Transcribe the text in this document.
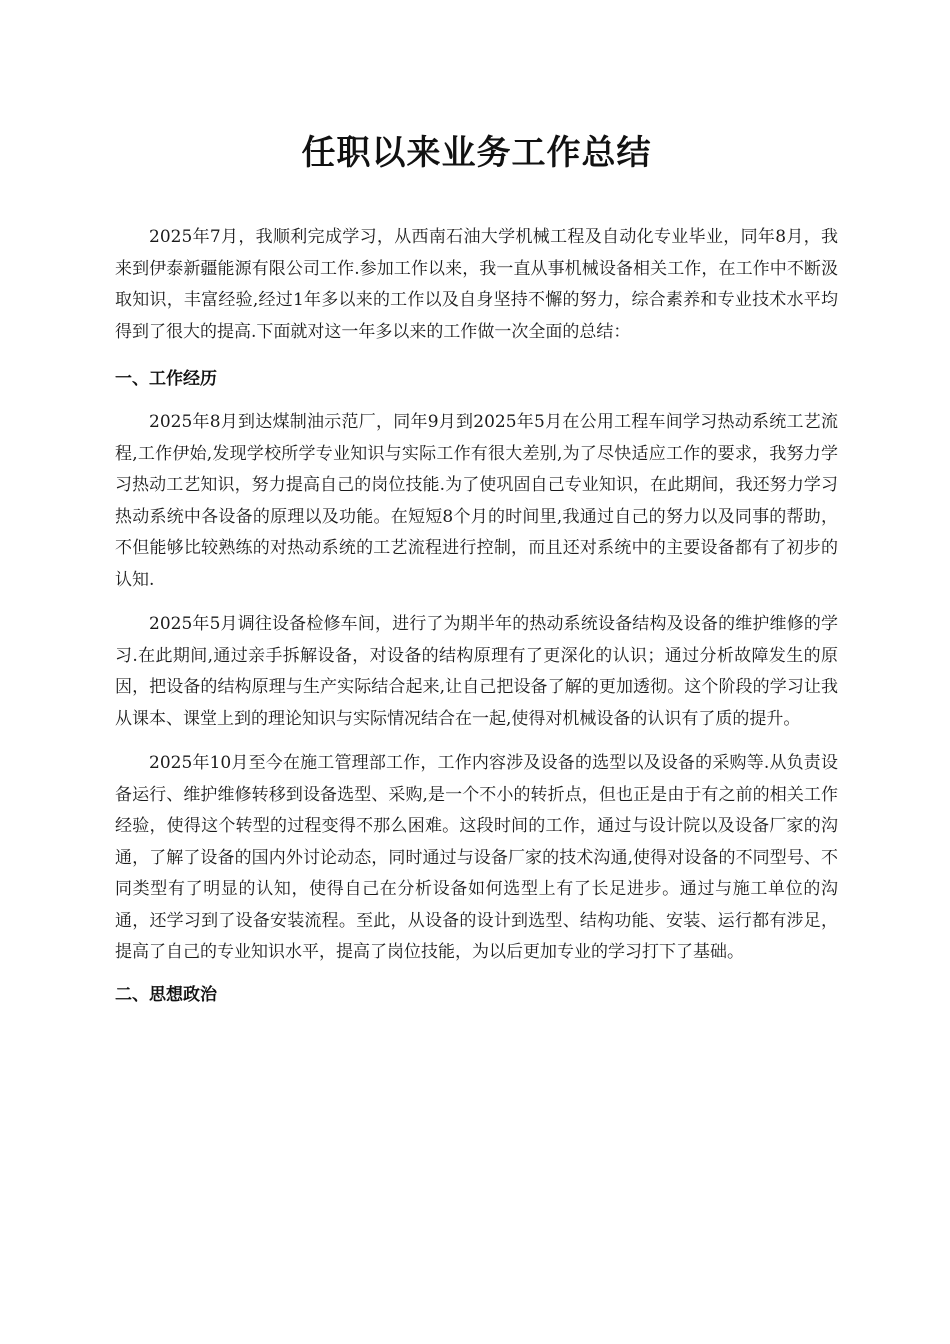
任职以来业务工作总结

2025年7月，我顺利完成学习，从西南石油大学机械工程及自动化专业毕业，同年8月，我来到伊泰新疆能源有限公司工作.参加工作以来，我一直从事机械设备相关工作，在工作中不断汲取知识，丰富经验,经过1年多以来的工作以及自身坚持不懈的努力，综合素养和专业技术水平均得到了很大的提高.下面就对这一年多以来的工作做一次全面的总结：

一、工作经历

2025年8月到达煤制油示范厂，同年9月到2025年5月在公用工程车间学习热动系统工艺流程,工作伊始,发现学校所学专业知识与实际工作有很大差别,为了尽快适应工作的要求，我努力学习热动工艺知识，努力提高自己的岗位技能.为了使巩固自己专业知识，在此期间，我还努力学习热动系统中各设备的原理以及功能。在短短8个月的时间里,我通过自己的努力以及同事的帮助，不但能够比较熟练的对热动系统的工艺流程进行控制，而且还对系统中的主要设备都有了初步的认知.

2025年5月调往设备检修车间，进行了为期半年的热动系统设备结构及设备的维护维修的学习.在此期间,通过亲手拆解设备，对设备的结构原理有了更深化的认识；通过分析故障发生的原因，把设备的结构原理与生产实际结合起来,让自己把设备了解的更加透彻。这个阶段的学习让我从课本、课堂上到的理论知识与实际情况结合在一起,使得对机械设备的认识有了质的提升。

2025年10月至今在施工管理部工作，工作内容涉及设备的选型以及设备的采购等.从负责设备运行、维护维修转移到设备选型、采购,是一个不小的转折点，但也正是由于有之前的相关工作经验，使得这个转型的过程变得不那么困难。这段时间的工作，通过与设计院以及设备厂家的沟通，了解了设备的国内外讨论动态，同时通过与设备厂家的技术沟通,使得对设备的不同型号、不同类型有了明显的认知，使得自己在分析设备如何选型上有了长足进步。通过与施工单位的沟通，还学习到了设备安装流程。至此，从设备的设计到选型、结构功能、安装、运行都有涉足，提高了自己的专业知识水平，提高了岗位技能，为以后更加专业的学习打下了基础。

二、思想政治
